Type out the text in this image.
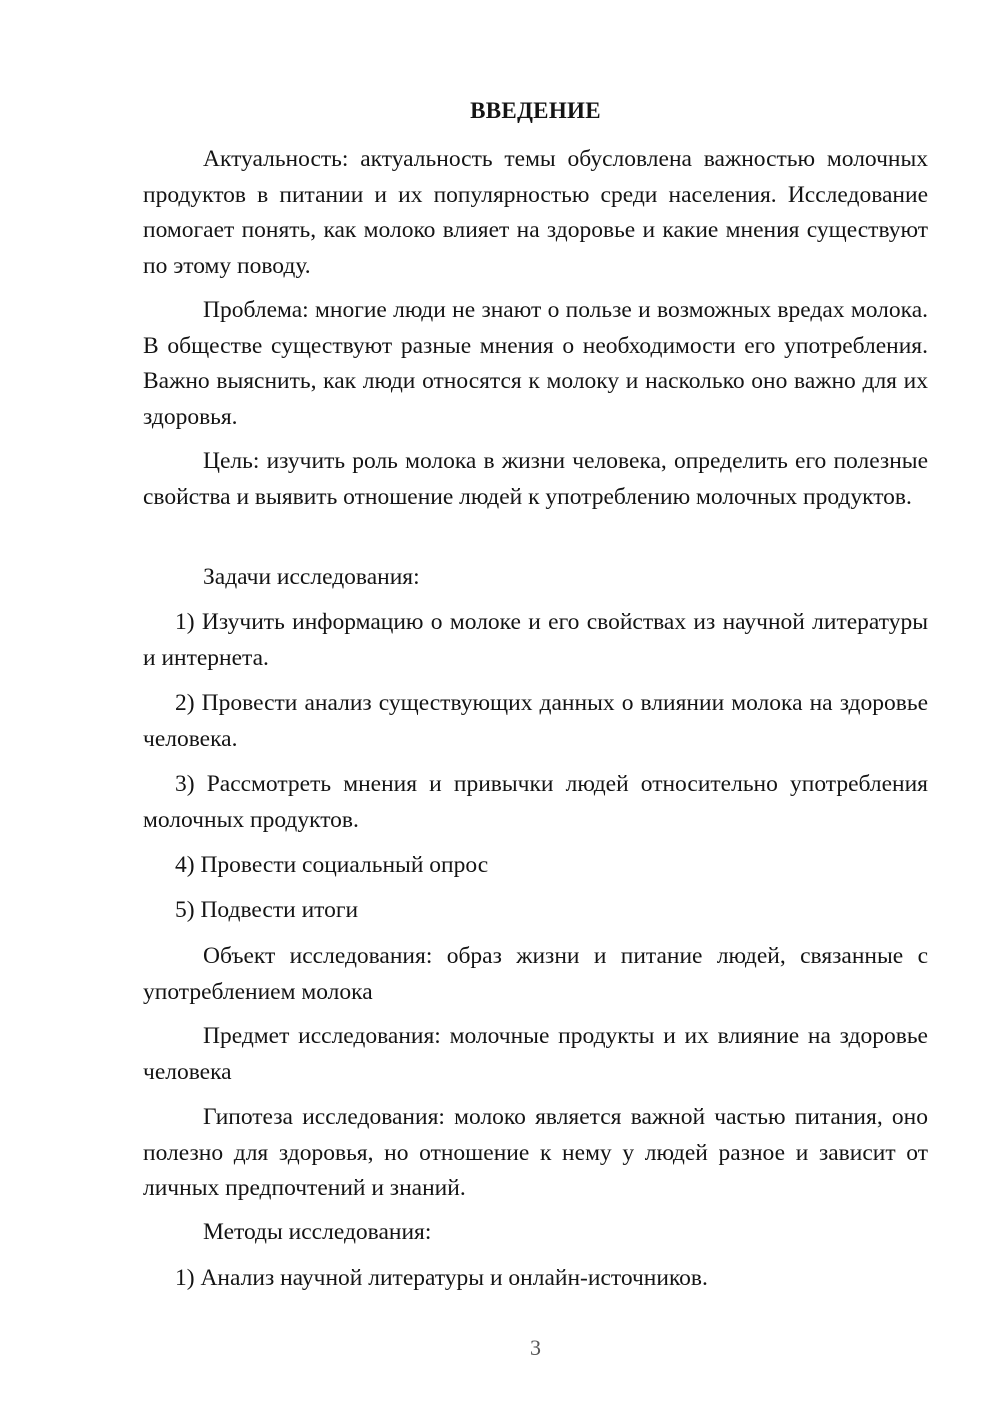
ВВЕДЕНИЕ

Актуальность: актуальность темы обусловлена важностью молочных продуктов в питании и их популярностью среди населения. Исследование помогает понять, как молоко влияет на здоровье и какие мнения существуют по этому поводу.

Проблема: многие люди не знают о пользе и возможных вредах молока. В обществе существуют разные мнения о необходимости его употребления. Важно выяснить, как люди относятся к молоку и насколько оно важно для их здоровья.

Цель: изучить роль молока в жизни человека, определить его полезные свойства и выявить отношение людей к употреблению молочных продуктов.

Задачи исследования:

1) Изучить информацию о молоке и его свойствах из научной литературы и интернета.

2) Провести анализ существующих данных о влиянии молока на здоровье человека.

3) Рассмотреть мнения и привычки людей относительно употребления молочных продуктов.

4) Провести социальный опрос

5) Подвести итоги

Объект исследования: образ жизни и питание людей, связанные с употреблением молока

Предмет исследования: молочные продукты и их влияние на здоровье человека

Гипотеза исследования: молоко является важной частью питания, оно полезно для здоровья, но отношение к нему у людей разное и зависит от личных предпочтений и знаний.

Методы исследования:

1) Анализ научной литературы и онлайн-источников.

3
